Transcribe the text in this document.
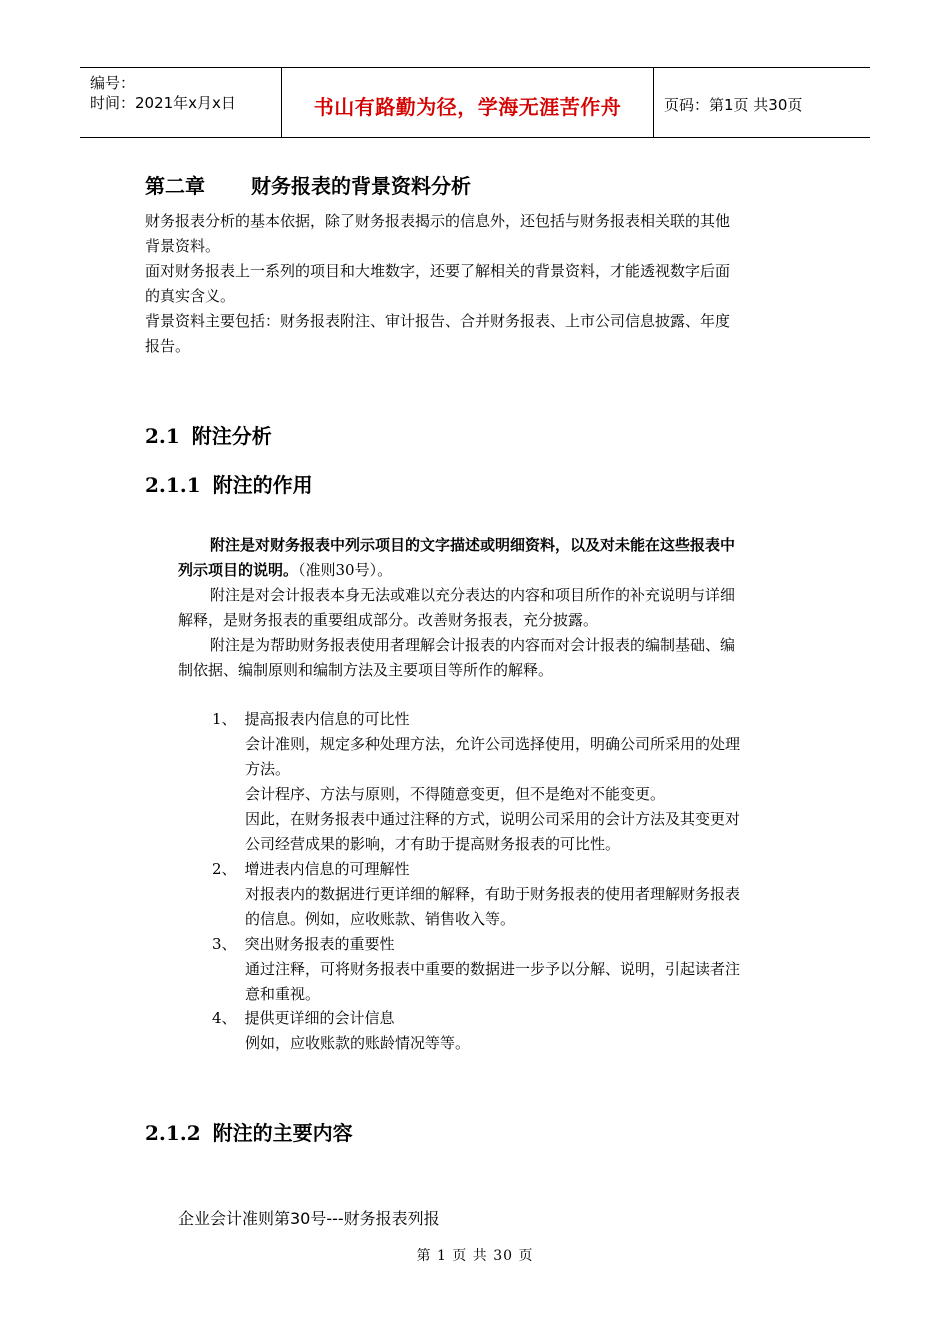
编号：
时间：2021年x月x日	书山有路勤为径，学海无涯苦作舟	页码：第1页 共30页
第二章 财务报表的背景资料分析
财务报表分析的基本依据，除了财务报表揭示的信息外，还包括与财务报表相关联的其他
背景资料。
面对财务报表上一系列的项目和大堆数字，还要了解相关的背景资料，才能透视数字后面
的真实含义。
背景资料主要包括：财务报表附注、审计报告、合并财务报表、上市公司信息披露、年度
报告。
2.1 附注分析
2.1.1 附注的作用
附注是对财务报表中列示项目的文字描述或明细资料，以及对未能在这些报表中
列示项目的说明。（准则30号）。
附注是对会计报表本身无法或难以充分表达的内容和项目所作的补充说明与详细
解释，是财务报表的重要组成部分。改善财务报表，充分披露。
附注是为帮助财务报表使用者理解会计报表的内容而对会计报表的编制基础、编
制依据、编制原则和编制方法及主要项目等所作的解释。
1、 提高报表内信息的可比性
会计准则，规定多种处理方法，允许公司选择使用，明确公司所采用的处理
方法。
会计程序、方法与原则，不得随意变更，但不是绝对不能变更。
因此，在财务报表中通过注释的方式，说明公司采用的会计方法及其变更对
公司经营成果的影响，才有助于提高财务报表的可比性。
2、 增进表内信息的可理解性
对报表内的数据进行更详细的解释，有助于财务报表的使用者理解财务报表
的信息。例如，应收账款、销售收入等。
3、 突出财务报表的重要性
通过注释，可将财务报表中重要的数据进一步予以分解、说明，引起读者注
意和重视。
4、 提供更详细的会计信息
例如，应收账款的账龄情况等等。
2.1.2 附注的主要内容
企业会计准则第30号---财务报表列报
第 1 页 共 30 页
